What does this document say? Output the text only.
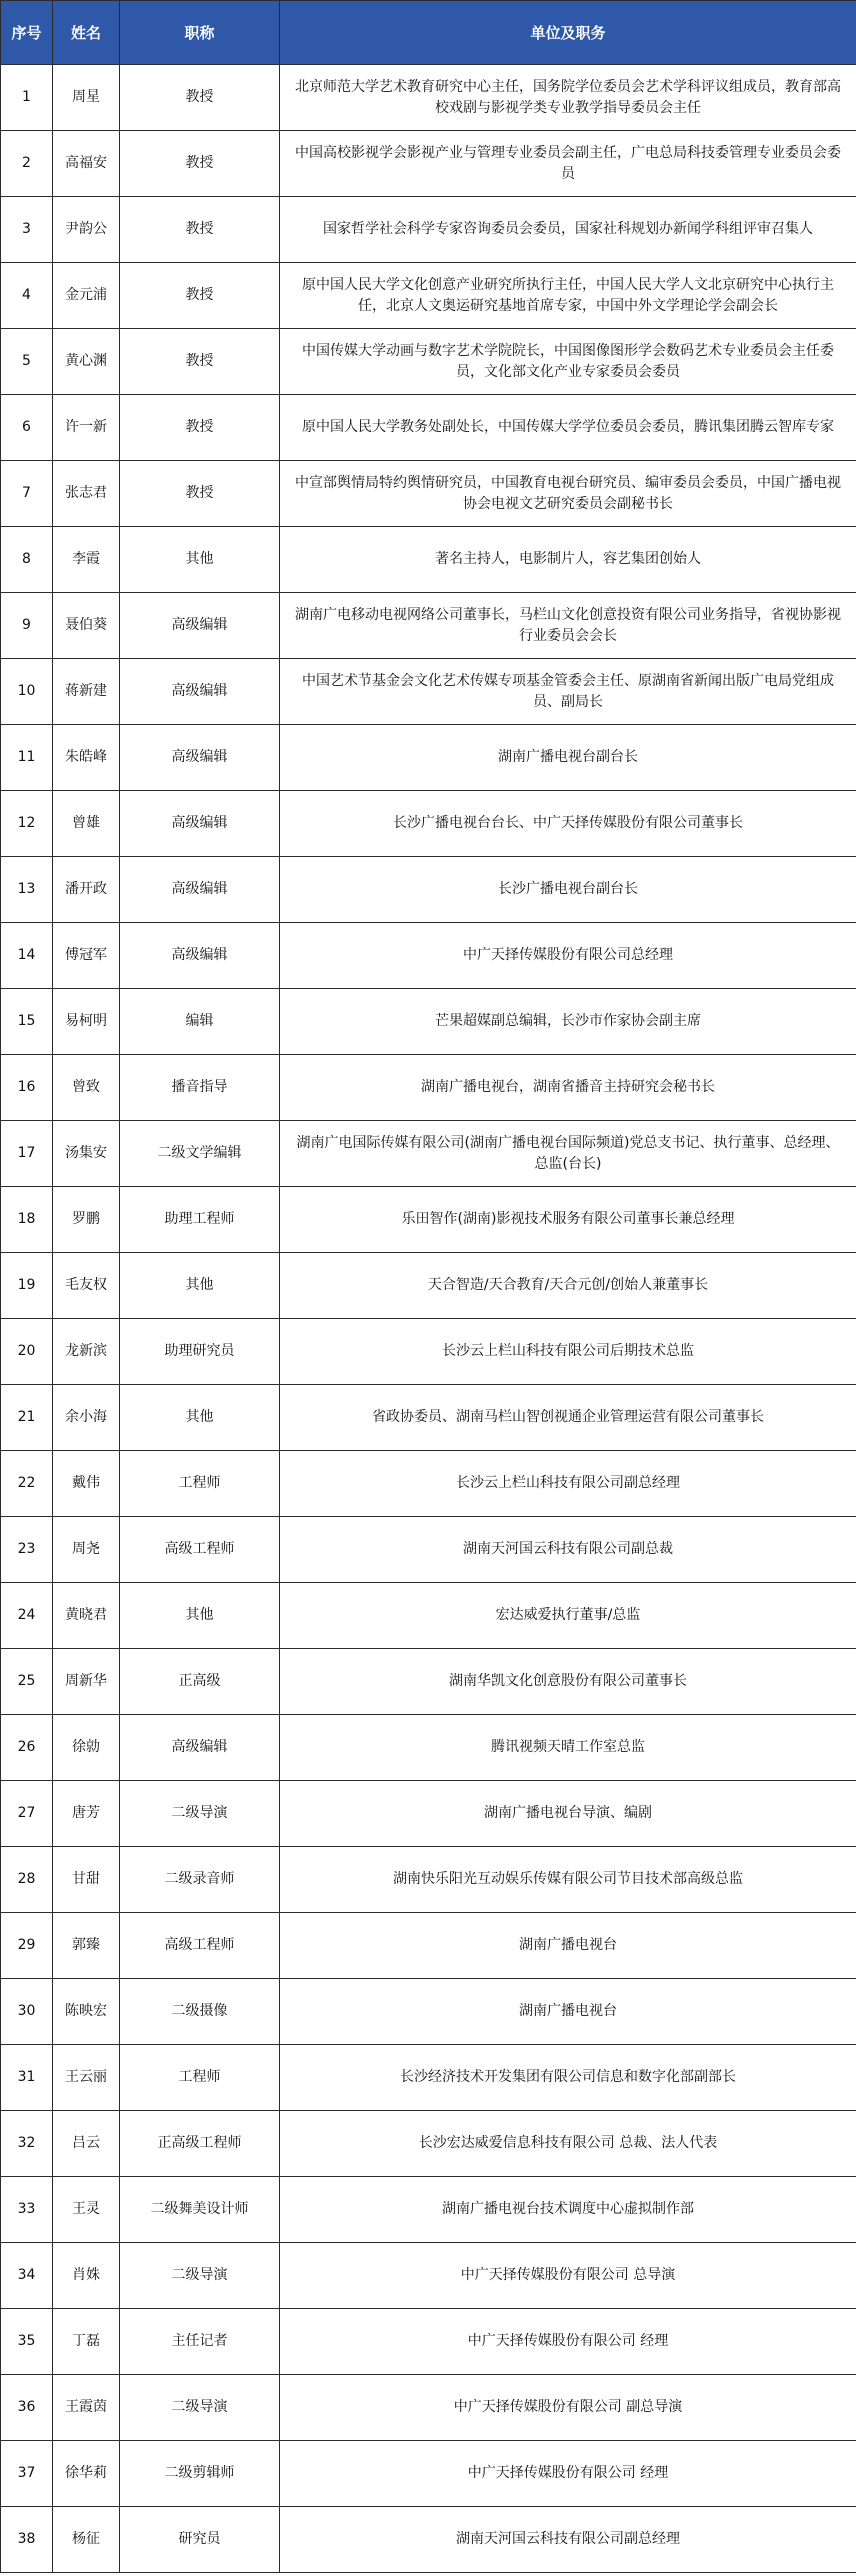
序号	姓名	职称	单位及职务
1	周星	教授	北京师范大学艺术教育研究中心主任，国务院学位委员会艺术学科评议组成员，教育部高校戏剧与影视学类专业教学指导委员会主任
2	高福安	教授	中国高校影视学会影视产业与管理专业委员会副主任，广电总局科技委管理专业委员会委员
3	尹韵公	教授	国家哲学社会科学专家咨询委员会委员，国家社科规划办新闻学科组评审召集人
4	金元浦	教授	原中国人民大学文化创意产业研究所执行主任，中国人民大学人文北京研究中心执行主任，北京人文奥运研究基地首席专家，中国中外文学理论学会副会长
5	黄心渊	教授	中国传媒大学动画与数字艺术学院院长，中国图像图形学会数码艺术专业委员会主任委员，文化部文化产业专家委员会委员
6	许一新	教授	原中国人民大学教务处副处长，中国传媒大学学位委员会委员，腾讯集团腾云智库专家
7	张志君	教授	中宣部舆情局特约舆情研究员，中国教育电视台研究员、编审委员会委员，中国广播电视协会电视文艺研究委员会副秘书长
8	李霞	其他	著名主持人，电影制片人，容艺集团创始人
9	聂伯葵	高级编辑	湖南广电移动电视网络公司董事长，马栏山文化创意投资有限公司业务指导，省视协影视行业委员会会长
10	蒋新建	高级编辑	中国艺术节基金会文化艺术传媒专项基金管委会主任、原湖南省新闻出版广电局党组成员、副局长
11	朱皓峰	高级编辑	湖南广播电视台副台长
12	曾雄	高级编辑	长沙广播电视台台长、中广天择传媒股份有限公司董事长
13	潘开政	高级编辑	长沙广播电视台副台长
14	傅冠军	高级编辑	中广天择传媒股份有限公司总经理
15	易柯明	编辑	芒果超媒副总编辑，长沙市作家协会副主席
16	曾致	播音指导	湖南广播电视台，湖南省播音主持研究会秘书长
17	汤集安	二级文学编辑	湖南广电国际传媒有限公司(湖南广播电视台国际频道)党总支书记、执行董事、总经理、总监(台长)
18	罗鹏	助理工程师	乐田智作(湖南)影视技术服务有限公司董事长兼总经理
19	毛友权	其他	天合智造/天合教育/天合元创/创始人兼董事长
20	龙新滨	助理研究员	长沙云上栏山科技有限公司后期技术总监
21	余小海	其他	省政协委员、湖南马栏山智创视通企业管理运营有限公司董事长
22	戴伟	工程师	长沙云上栏山科技有限公司副总经理
23	周尧	高级工程师	湖南天河国云科技有限公司副总裁
24	黄晓君	其他	宏达威爱执行董事/总监
25	周新华	正高级	湖南华凯文化创意股份有限公司董事长
26	徐勍	高级编辑	腾讯视频天晴工作室总监
27	唐芳	二级导演	湖南广播电视台导演、编剧
28	甘甜	二级录音师	湖南快乐阳光互动娱乐传媒有限公司节目技术部高级总监
29	郭臻	高级工程师	湖南广播电视台
30	陈映宏	二级摄像	湖南广播电视台
31	王云丽	工程师	长沙经济技术开发集团有限公司信息和数字化部副部长
32	吕云	正高级工程师	长沙宏达威爱信息科技有限公司 总裁、法人代表
33	王灵	二级舞美设计师	湖南广播电视台技术调度中心虚拟制作部
34	肖姝	二级导演	中广天择传媒股份有限公司 总导演
35	丁磊	主任记者	中广天择传媒股份有限公司 经理
36	王霞茵	二级导演	中广天择传媒股份有限公司 副总导演
37	徐华莉	二级剪辑师	中广天择传媒股份有限公司 经理
38	杨征	研究员	湖南天河国云科技有限公司副总经理
